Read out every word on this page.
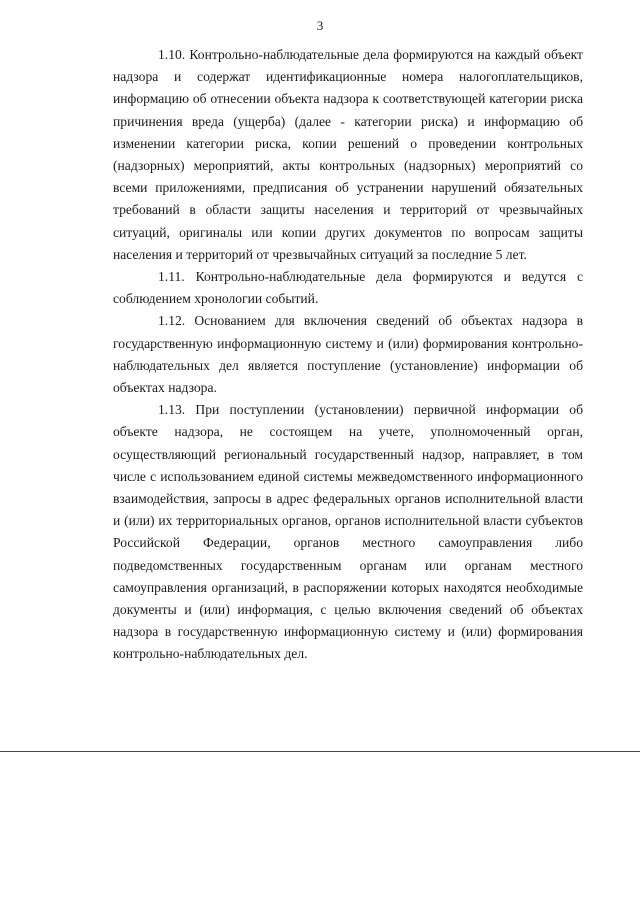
3

1.10. Контрольно-наблюдательные дела формируются на каждый объект надзора и содержат идентификационные номера налогоплательщиков, информацию об отнесении объекта надзора к соответствующей категории риска причинения вреда (ущерба) (далее - категории риска) и информацию об изменении категории риска, копии решений о проведении контрольных (надзорных) мероприятий, акты контрольных (надзорных) мероприятий со всеми приложениями, предписания об устранении нарушений обязательных требований в области защиты населения и территорий от чрезвычайных ситуаций, оригиналы или копии других документов по вопросам защиты населения и территорий от чрезвычайных ситуаций за последние 5 лет.

1.11. Контрольно-наблюдательные дела формируются и ведутся с соблюдением хронологии событий.

1.12. Основанием для включения сведений об объектах надзора в государственную информационную систему и (или) формирования контрольно-наблюдательных дел является поступление (установление) информации об объектах надзора.

1.13. При поступлении (установлении) первичной информации об объекте надзора, не состоящем на учете, уполномоченный орган, осуществляющий региональный государственный надзор, направляет, в том числе с использованием единой системы межведомственного информационного взаимодействия, запросы в адрес федеральных органов исполнительной власти и (или) их территориальных органов, органов исполнительной власти субъектов Российской Федерации, органов местного самоуправления либо подведомственных государственным органам или органам местного самоуправления организаций, в распоряжении которых находятся необходимые документы и (или) информация, с целью включения сведений об объектах надзора в государственную информационную систему и (или) формирования контрольно-наблюдательных дел.
